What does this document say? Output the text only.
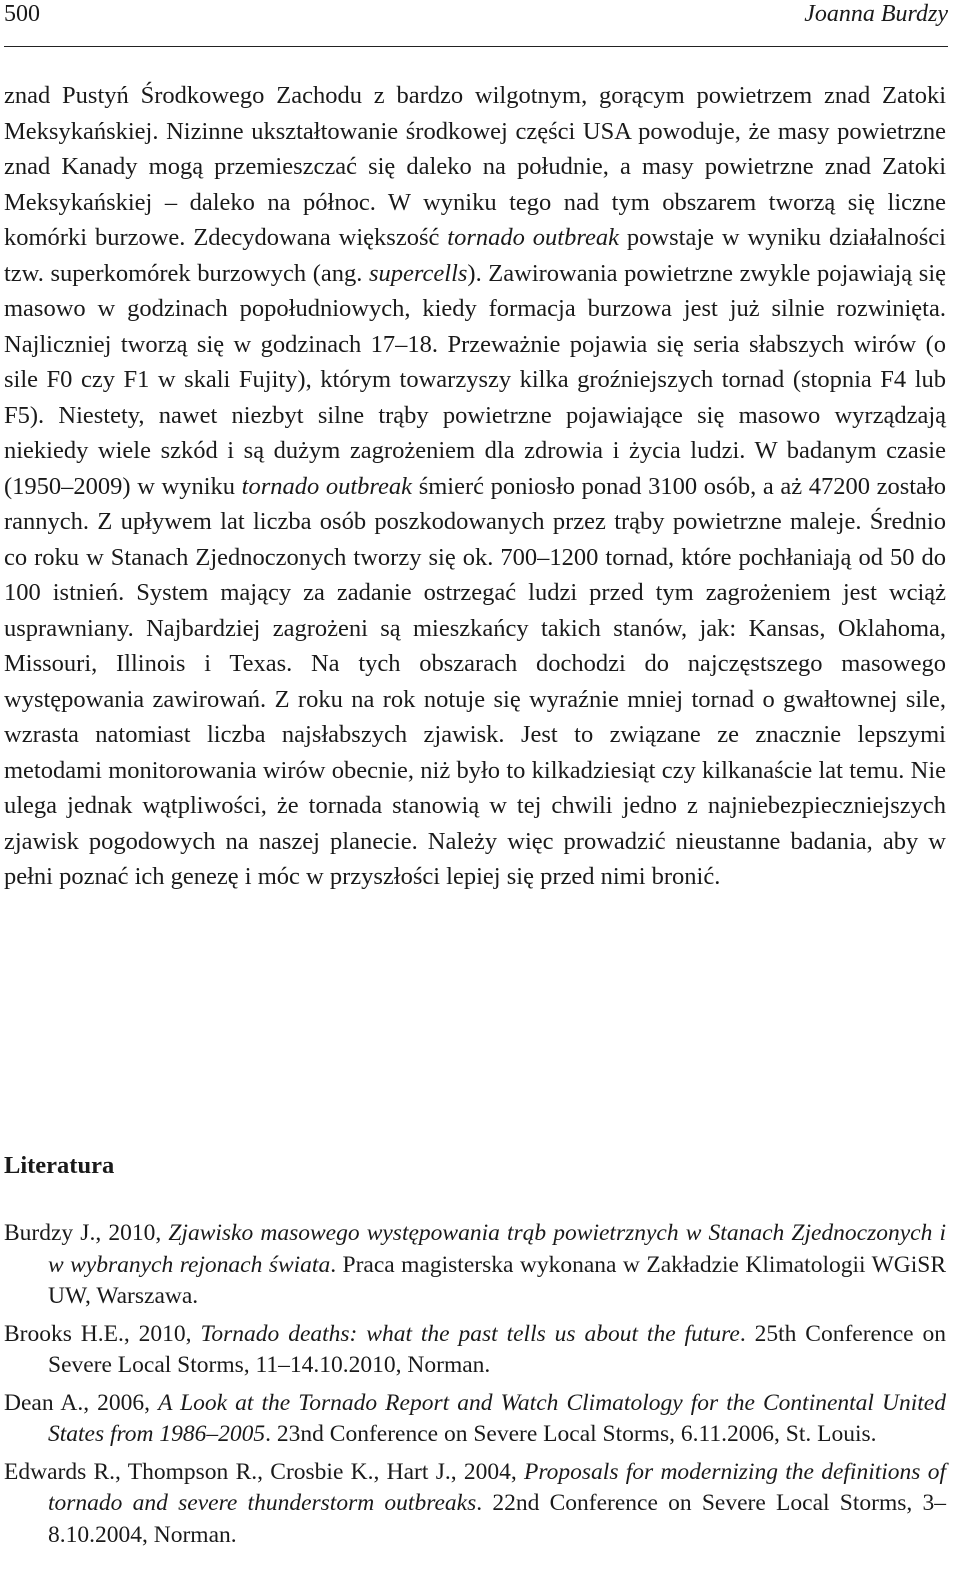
500	Joanna Burdzy

znad Pustyń Środkowego Zachodu z bardzo wilgotnym, gorącym powietrzem znad Zatoki Meksykańskiej. Nizinne ukształtowanie środkowej części USA powoduje, że masy powietrzne znad Kanady mogą przemieszczać się daleko na południe, a masy powietrzne znad Zatoki Meksykańskiej – daleko na północ. W wyniku tego nad tym obszarem tworzą się liczne komórki burzowe. Zdecydowana większość tornado outbreak powstaje w wyniku działalności tzw. superkomórek burzowych (ang. supercells). Zawirowania powietrzne zwykle pojawiają się masowo w godzinach popołudniowych, kiedy formacja burzowa jest już silnie rozwinięta. Najliczniej tworzą się w godzinach 17–18. Przeważnie pojawia się seria słabszych wirów (o sile F0 czy F1 w skali Fujity), którym towarzyszy kilka groźniejszych tornad (stopnia F4 lub F5). Niestety, nawet niezbyt silne trąby powietrzne pojawiające się masowo wyrządzają niekiedy wiele szkód i są dużym zagrożeniem dla zdrowia i życia ludzi. W badanym czasie (1950–2009) w wyniku tornado outbreak śmierć poniosło ponad 3100 osób, a aż 47200 zostało rannych. Z upływem lat liczba osób poszkodowanych przez trąby powietrzne maleje. Średnio co roku w Stanach Zjednoczonych tworzy się ok. 700–1200 tornad, które pochłaniają od 50 do 100 istnień. System mający za zadanie ostrzegać ludzi przed tym zagrożeniem jest wciąż usprawniany. Najbardziej zagrożeni są mieszkańcy takich stanów, jak: Kansas, Oklahoma, Missouri, Illinois i Texas. Na tych obszarach dochodzi do najczęstszego masowego występowania zawirowań. Z roku na rok notuje się wyraźnie mniej tornad o gwałtownej sile, wzrasta natomiast liczba najsłabszych zjawisk. Jest to związane ze znacznie lepszymi metodami monitorowania wirów obecnie, niż było to kilkadziesiąt czy kilkanaście lat temu. Nie ulega jednak wątpliwości, że tornada stanowią w tej chwili jedno z najniebezpieczniejszych zjawisk pogodowych na naszej planecie. Należy więc prowadzić nieustanne badania, aby w pełni poznać ich genezę i móc w przyszłości lepiej się przed nimi bronić.

Literatura
Burdzy J., 2010, Zjawisko masowego występowania trąb powietrznych w Stanach Zjednoczonych i w wybranych rejonach świata. Praca magisterska wykonana w Zakładzie Klimatologii WGiSR UW, Warszawa.
Brooks H.E., 2010, Tornado deaths: what the past tells us about the future. 25th Conference on Severe Local Storms, 11–14.10.2010, Norman.
Dean A., 2006, A Look at the Tornado Report and Watch Climatology for the Continental United States from 1986–2005. 23nd Conference on Severe Local Storms, 6.11.2006, St. Louis.
Edwards R., Thompson R., Crosbie K., Hart J., 2004, Proposals for modernizing the definitions of tornado and severe thunderstorm outbreaks. 22nd Conference on Severe Local Storms, 3–8.10.2004, Norman.
